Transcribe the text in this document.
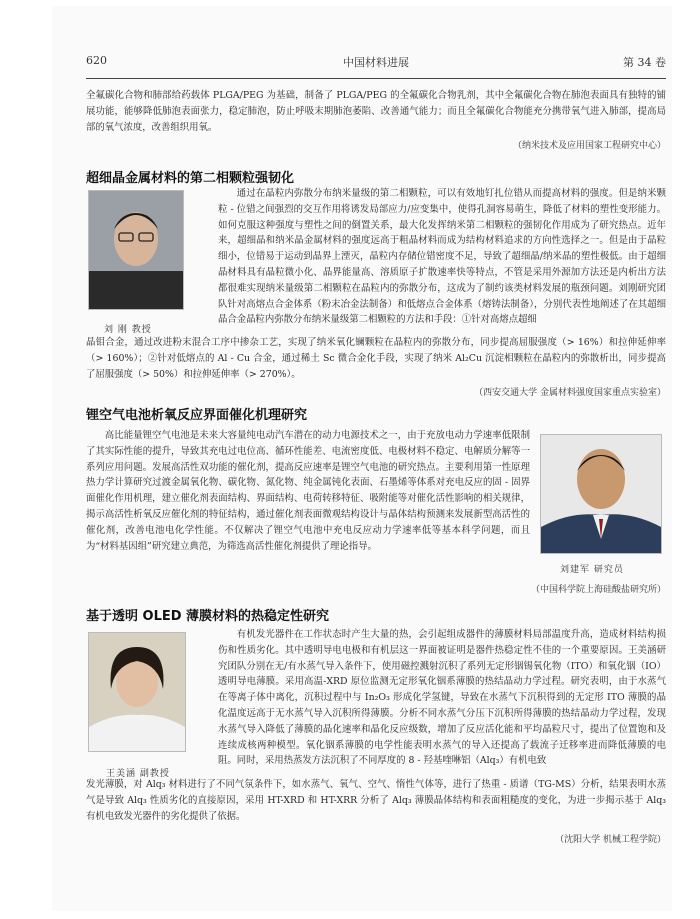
620	中国材料进展	第 34 卷

全氟碳化合物和肺部给药载体 PLGA/PEG 为基础，制备了 PLGA/PEG 的全氟碳化合物乳剂，其中全氟碳化合物在肺泡表面具有独特的铺展功能，能够降低肺泡表面张力，稳定肺泡，防止呼吸末期肺泡萎陷、改善通气能力；而且全氟碳化合物能充分携带氧气进入肺部，提高局部的氧气浓度，改善组织用氧。

（纳米技术及应用国家工程研究中心）
超细晶金属材料的第二相颗粒强韧化
刘 刚 教授

通过在晶粒内弥散分布纳米量级的第二相颗粒，可以有效地钉扎位错从而提高材料的强度。但是纳米颗粒 - 位错之间强烈的交互作用将诱发局部应力/应变集中，使得孔洞容易萌生，降低了材料的塑性变形能力。如何克服这种强度与塑性之间的倒置关系，最大化发挥纳米第二相颗粒的强韧化作用成为了研究热点。近年来，超细晶和纳米晶金属材料的强度远高于粗晶材料而成为结构材料追求的方向性选择之一。但是由于晶粒细小，位错易于运动到晶界上湮灭，晶粒内存储位错密度不足，导致了超细晶/纳米晶的塑性极低。由于超细晶材料具有晶粒微小化、晶界能量高、溶质原子扩散速率快等特点，不管是采用外源加方法还是内析出方法都很难实现纳米量级第二相颗粒在晶粒内的弥散分布，这成为了制约该类材料发展的瓶颈问题。刘刚研究团队针对高熔点合金体系（粉末冶金法制备）和低熔点合金体系（熔铸法制备），分别代表性地阐述了在其超细晶合金晶粒内弥散分布纳米量级第二相颗粒的方法和手段：①针对高熔点超细

晶钼合金，通过改进粉末混合工序中掺杂工艺，实现了纳米氧化镧颗粒在晶粒内的弥散分布，同步提高屈服强度（> 16%）和拉伸延伸率（> 160%）；②针对低熔点的 Al - Cu 合金，通过稀土 Sc 微合金化手段，实现了纳米 Al₂Cu 沉淀相颗粒在晶粒内的弥散析出，同步提高了屈服强度（> 50%）和拉伸延伸率（> 270%）。

（西安交通大学 金属材料强度国家重点实验室）
锂空气电池析氧反应界面催化机理研究

高比能量锂空气电池是未来大容量纯电动汽车潜在的动力电源技术之一，由于充放电动力学速率低限制了其实际性能的提升，导致其充电过电位高、循环性能差、电流密度低、电极材料不稳定、电解质分解等一系列应用问题。发展高活性双功能的催化剂，提高反应速率是锂空气电池的研究热点。主要利用第一性原理热力学计算研究过渡金属氧化物、碳化物、氮化物、纯金属钝化表面、石墨烯等体系对充电反应的固 - 固界面催化作用机理，建立催化剂表面结构、界面结构、电荷转移特征、吸附能等对催化活性影响的相关规律，揭示高活性析氧反应催化剂的特征结构，通过催化剂表面微观结构设计与晶体结构预测来发展新型高活性的催化剂，改善电池电化学性能。不仅解决了锂空气电池中充电反应动力学速率低等基本科学问题，而且为“材料基因组”研究建立典范，为筛选高活性催化剂提供了理论指导。

刘建军 研究员
（中国科学院上海硅酸盐研究所）
基于透明 OLED 薄膜材料的热稳定性研究
王美涵 副教授

有机发光器件在工作状态时产生大量的热，会引起组成器件的薄膜材料局部温度升高，造成材料结构损伤和性质劣化。其中透明导电电极和有机层这一界面被证明是器件热稳定性不佳的一个重要原因。王美涵研究团队分别在无/有水蒸气导入条件下，使用磁控溅射沉积了系列无定形铟锡氧化物（ITO）和氧化铟（IO）透明导电薄膜。采用高温-XRD 原位监测无定形氧化铟系薄膜的热结晶动力学过程。研究表明，由于水蒸气在等离子体中离化，沉积过程中与 In₂O₃ 形成化学氢键，导致在水蒸气下沉积得到的无定形 ITO 薄膜的晶化温度远高于无水蒸气导入沉积所得薄膜。分析不同水蒸气分压下沉积所得薄膜的热结晶动力学过程，发现水蒸气导入降低了薄膜的晶化速率和晶化反应级数，增加了反应活化能和平均晶粒尺寸，提出了位置饱和及连续成核两种模型。氧化铟系薄膜的电学性能表明水蒸气的导入还提高了载流子迁移率进而降低薄膜的电阻。同时，采用热蒸发方法沉积了不同厚度的 8 - 羟基喹啉铝（Alq₃）有机电致

发光薄膜，对 Alq₃ 材料进行了不同气氛条件下，如水蒸气、氧气、空气、惰性气体等，进行了热重 - 质谱（TG-MS）分析，结果表明水蒸气是导致 Alq₃ 性质劣化的直接原因，采用 HT-XRD 和 HT-XRR 分析了 Alq₃ 薄膜晶体结构和表面粗糙度的变化，为进一步揭示基于 Alq₃ 有机电致发光器件的劣化提供了依据。

（沈阳大学 机械工程学院）
